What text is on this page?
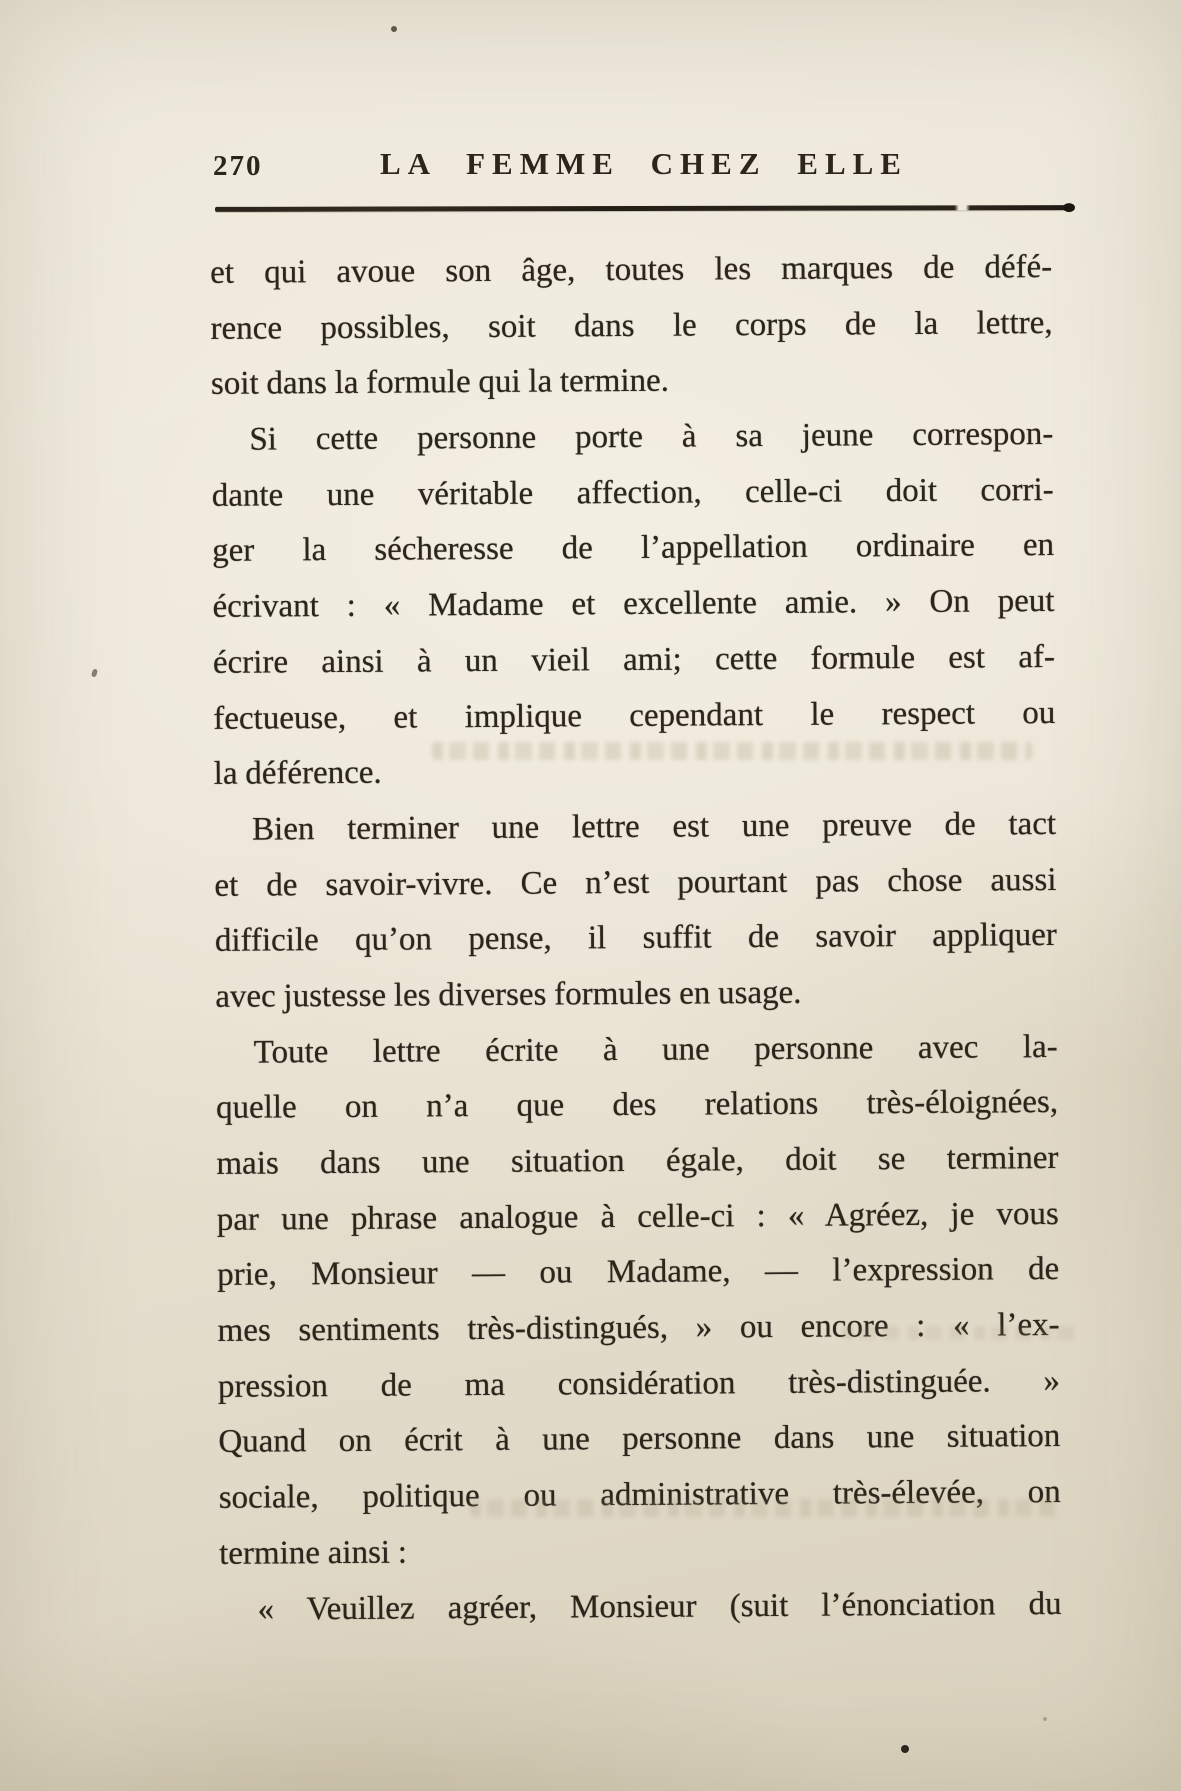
270	LA FEMME CHEZ ELLE
et qui avoue son âge, toutes les marques de défé-
rence possibles, soit dans le corps de la lettre,
soit dans la formule qui la termine.
Si cette personne porte à sa jeune correspon-
dante une véritable affection, celle-ci doit corri-
ger la sécheresse de l’appellation ordinaire en
écrivant : « Madame et excellente amie. » On peut
écrire ainsi à un vieil ami; cette formule est af-
fectueuse, et implique cependant le respect ou
la déférence.
Bien terminer une lettre est une preuve de tact
et de savoir-vivre. Ce n’est pourtant pas chose aussi
difficile qu’on pense, il suffit de savoir appliquer
avec justesse les diverses formules en usage.
Toute lettre écrite à une personne avec la-
quelle on n’a que des relations très-éloignées,
mais dans une situation égale, doit se terminer
par une phrase analogue à celle-ci : « Agréez, je vous
prie, Monsieur — ou Madame, — l’expression de
mes sentiments très-distingués, » ou encore : « l’ex-
pression de ma considération très-distinguée. »
Quand on écrit à une personne dans une situation
sociale, politique ou administrative très-élevée, on
termine ainsi :
« Veuillez agréer, Monsieur (suit l’énonciation du
